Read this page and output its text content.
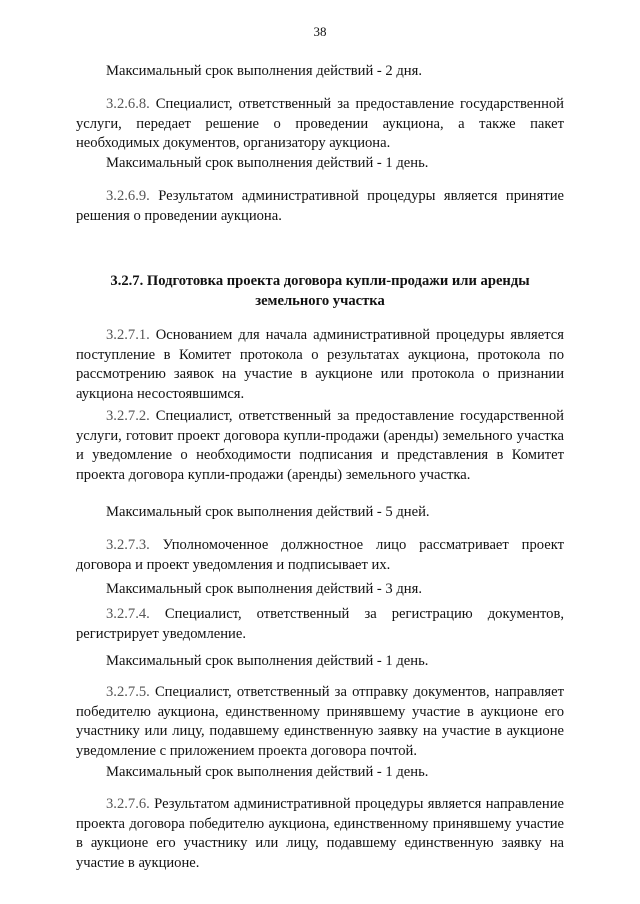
38

Максимальный срок выполнения действий - 2 дня.

3.2.6.8. Специалист, ответственный за предоставление государственной услуги, передает решение о проведении аукциона, а также пакет необходимых документов, организатору аукциона.

Максимальный срок выполнения действий - 1 день.

3.2.6.9. Результатом административной процедуры является принятие решения о проведении аукциона.

3.2.7. Подготовка проекта договора купли-продажи или аренды
земельного участка

3.2.7.1. Основанием для начала административной процедуры является поступление в Комитет протокола о результатах аукциона, протокола по рассмотрению заявок на участие в аукционе или протокола о признании аукциона несостоявшимся.

3.2.7.2. Специалист, ответственный за предоставление государственной услуги, готовит проект договора купли-продажи (аренды) земельного участка и уведомление о необходимости подписания и представления в Комитет проекта договора купли-продажи (аренды) земельного участка.

Максимальный срок выполнения действий - 5 дней.

3.2.7.3. Уполномоченное должностное лицо рассматривает проект договора и проект уведомления и подписывает их.

Максимальный срок выполнения действий - 3 дня.

3.2.7.4. Специалист, ответственный за регистрацию документов, регистрирует уведомление.

Максимальный срок выполнения действий - 1 день.

3.2.7.5. Специалист, ответственный за отправку документов, направляет победителю аукциона, единственному принявшему участие в аукционе его участнику или лицу, подавшему единственную заявку на участие в аукционе уведомление с приложением проекта договора почтой.

Максимальный срок выполнения действий - 1 день.

3.2.7.6. Результатом административной процедуры является направление проекта договора победителю аукциона, единственному принявшему участие в аукционе его участнику или лицу, подавшему единственную заявку на участие в аукционе.
